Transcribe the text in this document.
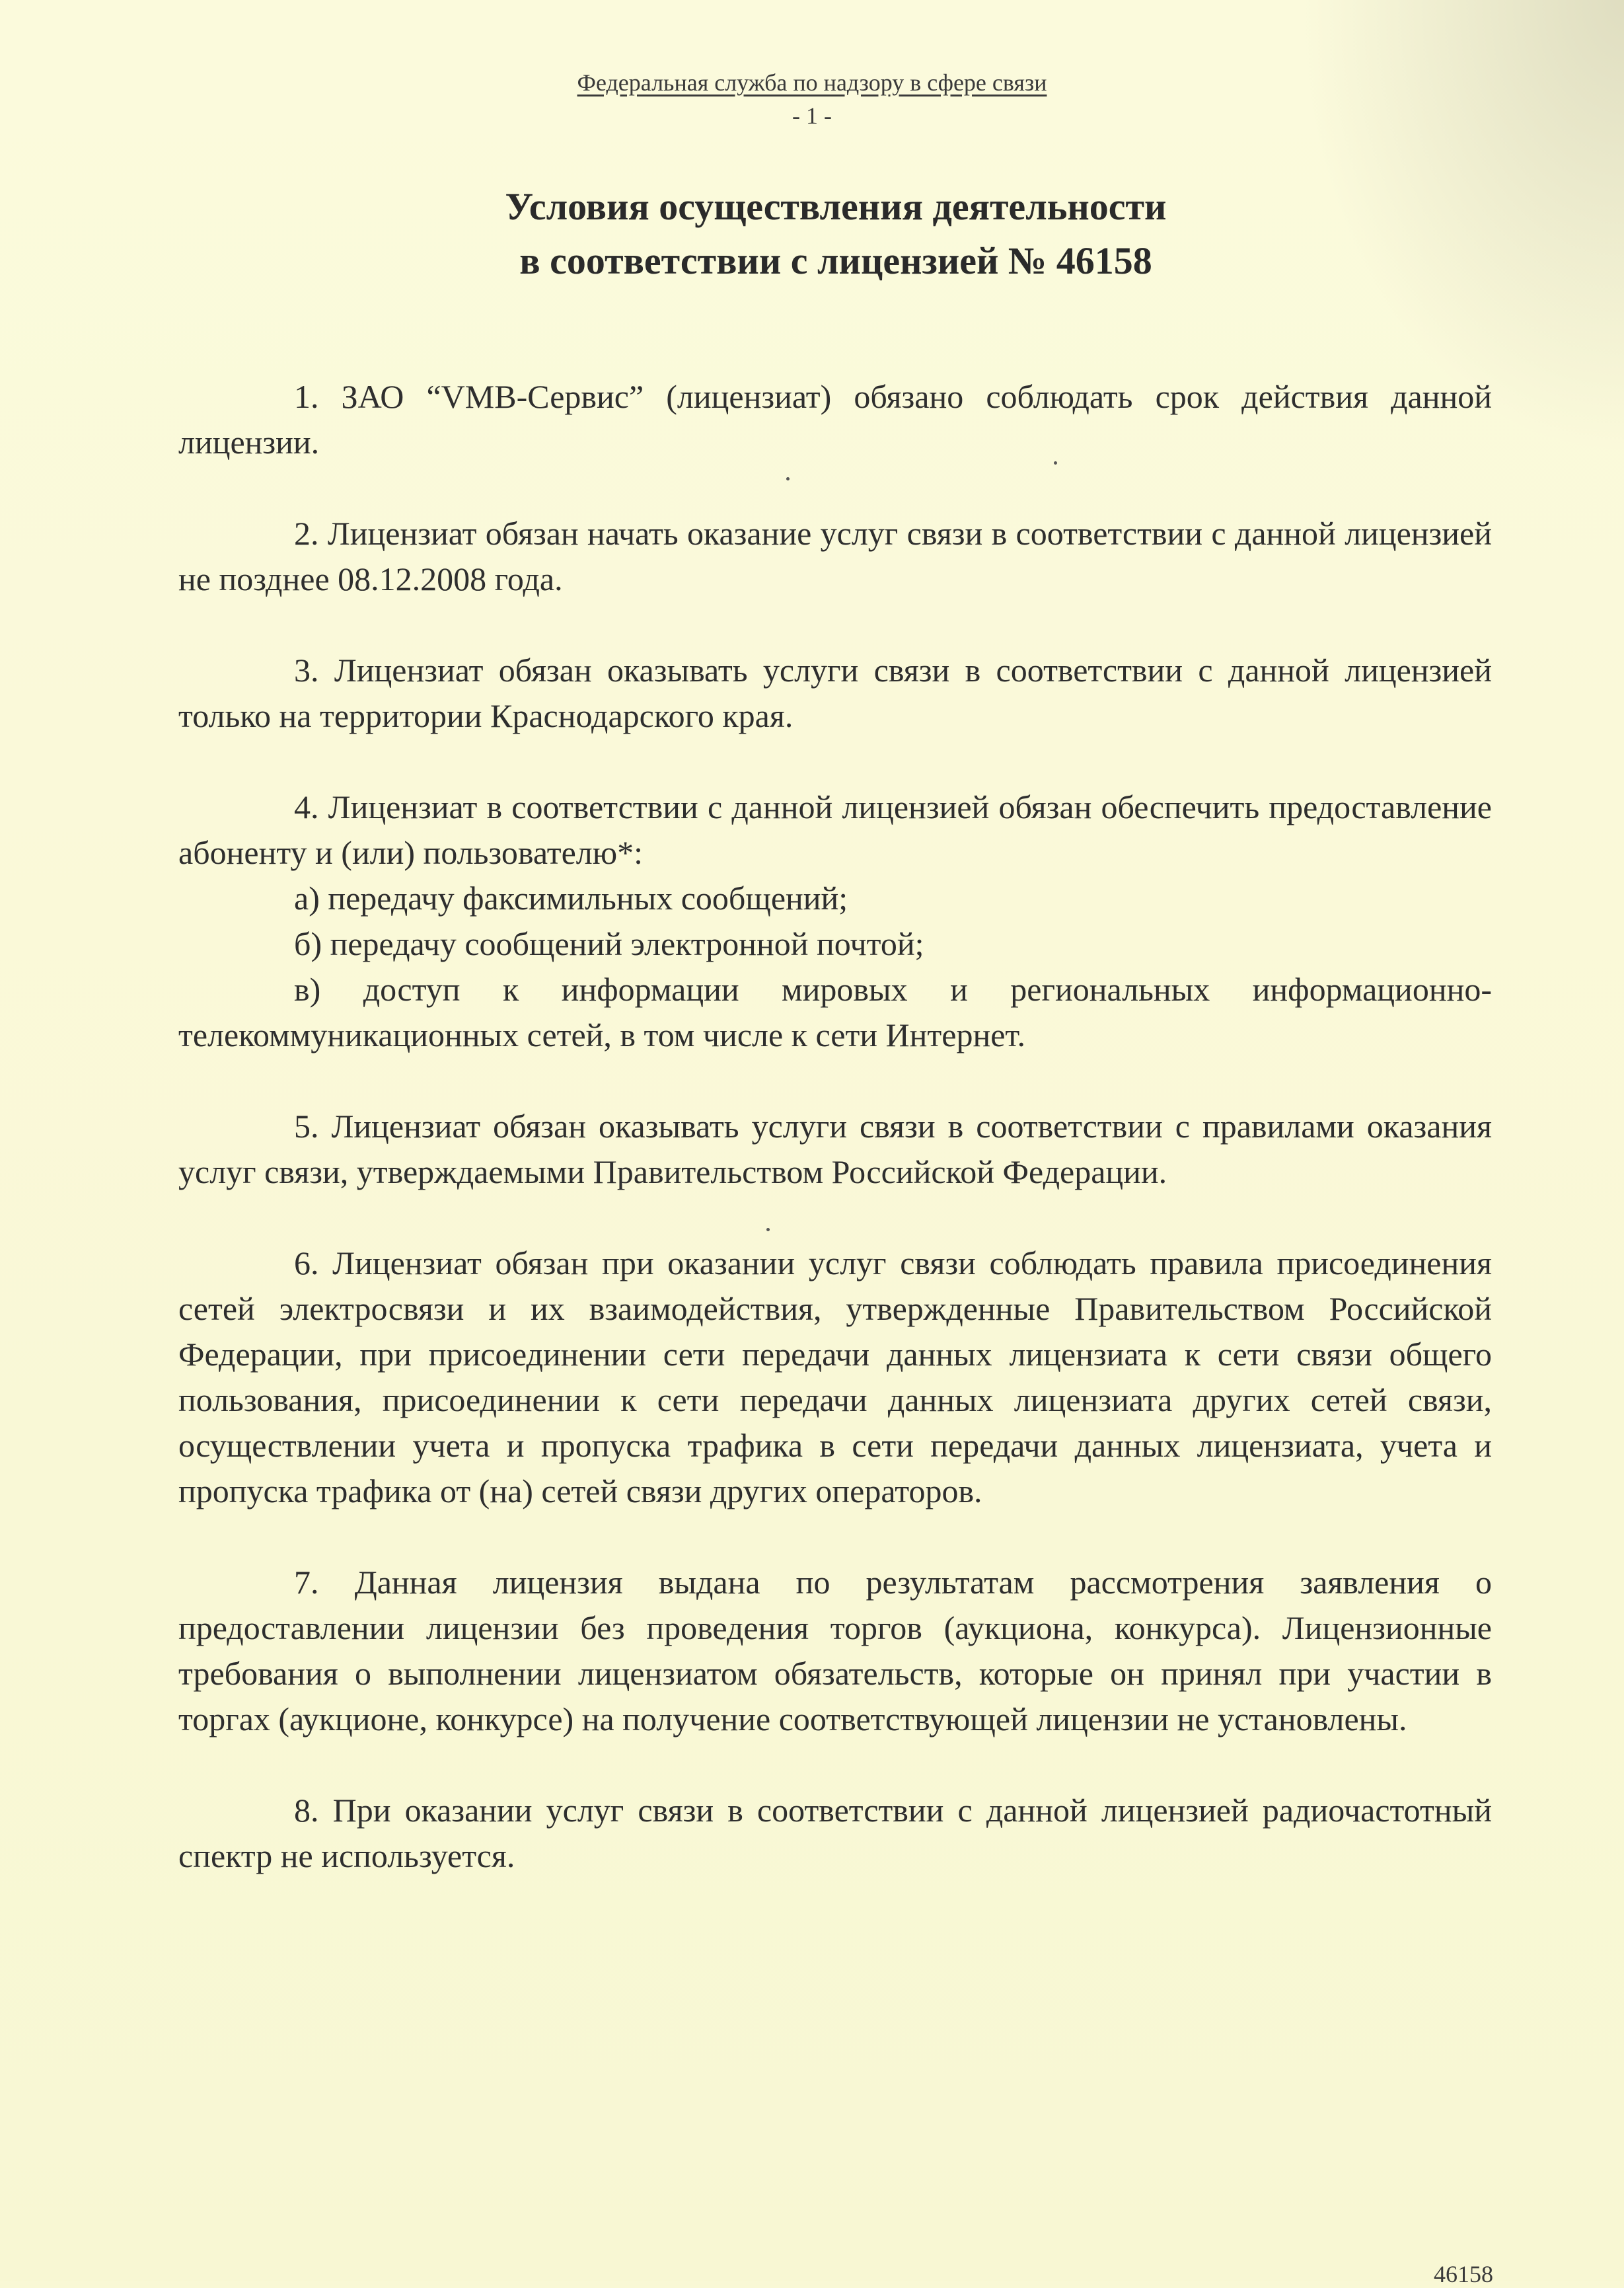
Федеральная служба по надзору в сфере связи
- 1 -
Условия осуществления деятельности
в соответствии с лицензией № 46158

1. ЗАО “VMB-Сервис” (лицензиат) обязано соблюдать срок действия данной лицензии.

2. Лицензиат обязан начать оказание услуг связи в соответствии с данной лицензией не позднее 08.12.2008 года.

3. Лицензиат обязан оказывать услуги связи в соответствии с данной лицензией только на территории Краснодарского края.

4. Лицензиат в соответствии с данной лицензией обязан обеспечить предоставление абоненту и (или) пользователю*:
а) передачу факсимильных сообщений;
б) передачу сообщений электронной почтой;
в) доступ к информации мировых и региональных информационно-телекоммуникационных сетей, в том числе к сети Интернет.

5. Лицензиат обязан оказывать услуги связи в соответствии с правилами оказания услуг связи, утверждаемыми Правительством Российской Федерации.

6. Лицензиат обязан при оказании услуг связи соблюдать правила присоединения сетей электросвязи и их взаимодействия, утвержденные Правительством Российской Федерации, при присоединении сети передачи данных лицензиата к сети связи общего пользования, присоединении к сети передачи данных лицензиата других сетей связи, осуществлении учета и пропуска трафика в сети передачи данных лицензиата, учета и пропуска трафика от (на) сетей связи других операторов.

7. Данная лицензия выдана по результатам рассмотрения заявления о предоставлении лицензии без проведения торгов (аукциона, конкурса). Лицензионные требования о выполнении лицензиатом обязательств, которые он принял при участии в торгах (аукционе, конкурсе) на получение соответствующей лицензии не установлены.

8. При оказании услуг связи в соответствии с данной лицензией радиочастотный спектр не используется.

46158
